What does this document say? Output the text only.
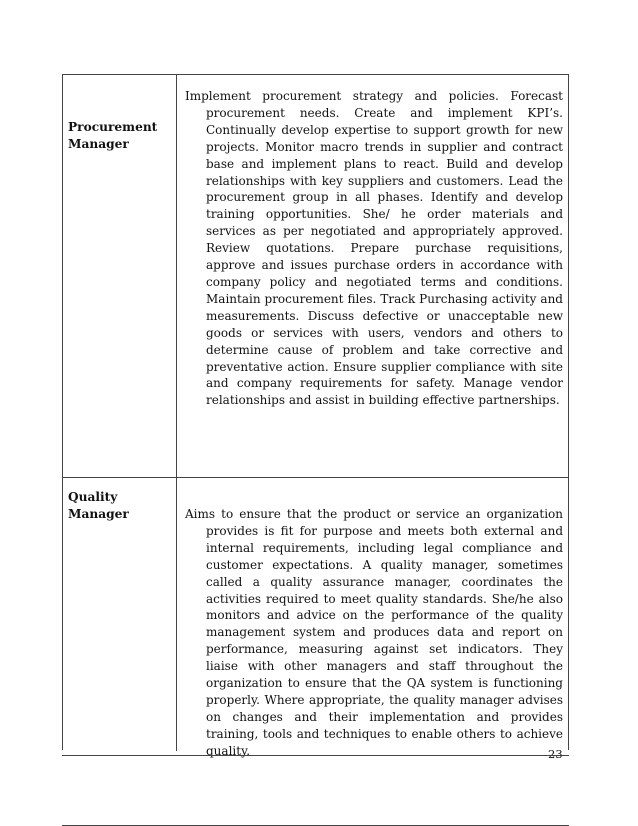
Procurement Manager
Implement procurement strategy and policies. Forecast procurement needs. Create and implement KPI’s. Continually develop expertise to support growth for new projects. Monitor macro trends in supplier and contract base and implement plans to react. Build and develop relationships with key suppliers and customers. Lead the procurement group in all phases. Identify and develop training opportunities. She/ he order materials and services as per negotiated and appropriately approved. Review quotations. Prepare purchase requisitions, approve and issues purchase orders in accordance with company policy and negotiated terms and conditions. Maintain procurement files. Track Purchasing activity and measurements. Discuss defective or unacceptable new goods or services with users, vendors and others to determine cause of problem and take corrective and preventative action. Ensure supplier compliance with site and company requirements for safety. Manage vendor relationships and assist in building effective partnerships.
Quality Manager	Aims to ensure that the product or service an organization provides is fit for purpose and meets both external and internal requirements, including legal compliance and customer expectations. A quality manager, sometimes called a quality assurance manager, coordinates the activities required to meet quality standards. She/he also monitors and advice on the performance of the quality management system and produces data and report on performance, measuring against set indicators. They liaise with other managers and staff throughout the organization to ensure that the QA system is functioning properly. Where appropriate, the quality manager advises on changes and their implementation and provides training, tools and techniques to enable others to achieve quality.	23
